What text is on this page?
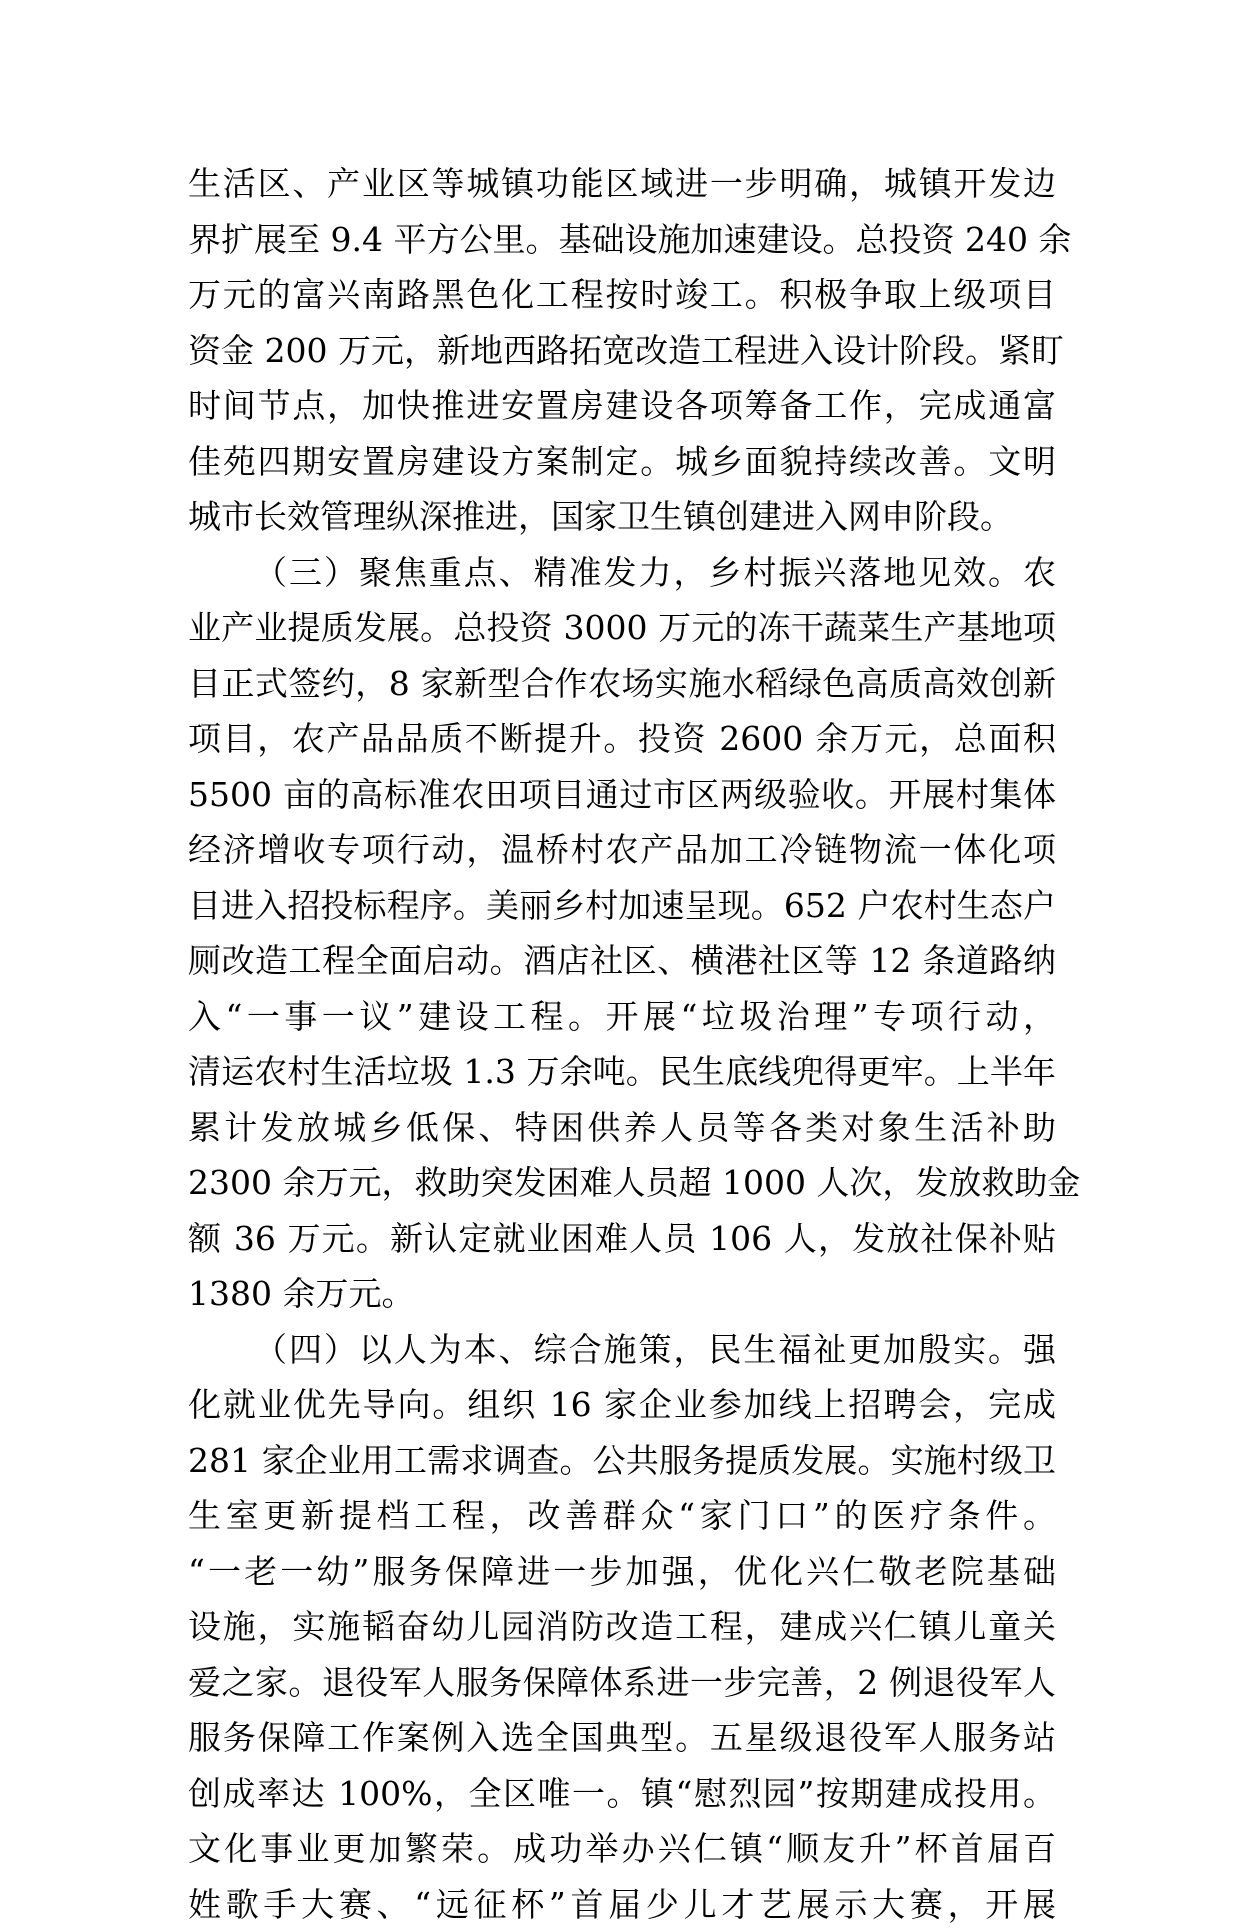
生活区、产业区等城镇功能区域进一步明确，城镇开发边
界扩展至 9.4 平方公里。基础设施加速建设。总投资 240 余
万元的富兴南路黑色化工程按时竣工。积极争取上级项目
资金 200 万元，新地西路拓宽改造工程进入设计阶段。紧盯
时间节点，加快推进安置房建设各项筹备工作，完成通富
佳苑四期安置房建设方案制定。城乡面貌持续改善。文明
城市长效管理纵深推进，国家卫生镇创建进入网申阶段。
（三）聚焦重点、精准发力，乡村振兴落地见效。农
业产业提质发展。总投资 3000 万元的冻干蔬菜生产基地项
目正式签约，8 家新型合作农场实施水稻绿色高质高效创新
项目，农产品品质不断提升。投资 2600 余万元，总面积
5500 亩的高标准农田项目通过市区两级验收。开展村集体
经济增收专项行动，温桥村农产品加工冷链物流一体化项
目进入招投标程序。美丽乡村加速呈现。652 户农村生态户
厕改造工程全面启动。酒店社区、横港社区等 12 条道路纳
入“一事一议”建设工程。开展“垃圾治理”专项行动，
清运农村生活垃圾 1.3 万余吨。民生底线兜得更牢。上半年
累计发放城乡低保、特困供养人员等各类对象生活补助
2300 余万元，救助突发困难人员超 1000 人次，发放救助金
额 36 万元。新认定就业困难人员 106 人，发放社保补贴
1380 余万元。
（四）以人为本、综合施策，民生福祉更加殷实。强
化就业优先导向。组织 16 家企业参加线上招聘会，完成
281 家企业用工需求调查。公共服务提质发展。实施村级卫
生室更新提档工程，改善群众“家门口”的医疗条件。
“一老一幼”服务保障进一步加强，优化兴仁敬老院基础
设施，实施韬奋幼儿园消防改造工程，建成兴仁镇儿童关
爱之家。退役军人服务保障体系进一步完善，2 例退役军人
服务保障工作案例入选全国典型。五星级退役军人服务站
创成率达 100%，全区唯一。镇“慰烈园”按期建成投用。
文化事业更加繁荣。成功举办兴仁镇“顺友升”杯首届百
姓歌手大赛、“远征杯”首届少儿才艺展示大赛，开展
